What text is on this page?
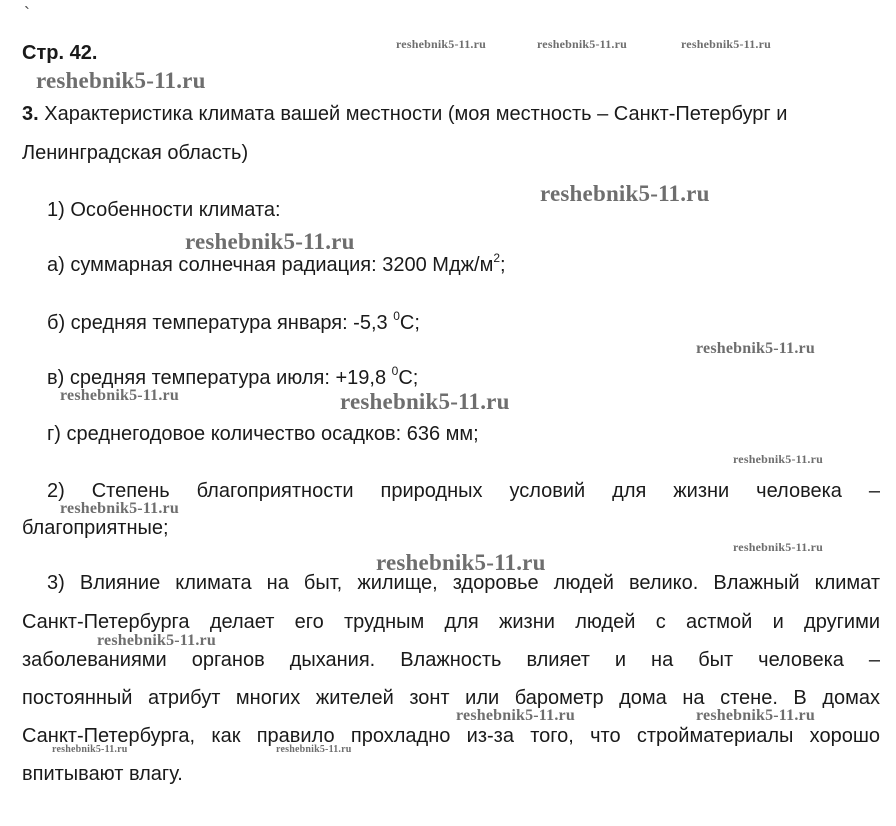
`
Стр. 42.	reshebnik5-11.ru	reshebnik5-11.ru	reshebnik5-11.ru
reshebnik5-11.ru
reshebnik5-11.ru
reshebnik5-11.ru
reshebnik5-11.ru
reshebnik5-11.ru	reshebnik5-11.ru
reshebnik5-11.ru
reshebnik5-11.ru
reshebnik5-11.ru
reshebnik5-11.ru
reshebnik5-11.ru
reshebnik5-11.ru	reshebnik5-11.ru
reshebnik5-11.ru	reshebnik5-11.ru
3. Характеристика климата вашей местности (моя местность – Санкт-Петербург и
Ленинградская область)
1) Особенности климата:
а) суммарная солнечная радиация: 3200 Мдж/$м^2$;
б) средняя температура января: -5,3 $^0$С;
в) средняя температура июля: +19,8 $^0$С;
г) среднегодовое количество осадков: 636 мм;
2) Степень благоприятности природных условий для жизни человека –
благоприятные;
3) Влияние климата на быт, жилище, здоровье людей велико. Влажный климат
Санкт-Петербурга делает его трудным для жизни людей с астмой и другими
заболеваниями органов дыхания. Влажность влияет и на быт человека –
постоянный атрибут многих жителей зонт или барометр дома на стене. В домах
Санкт-Петербурга, как правило прохладно из-за того, что стройматериалы хорошо
впитывают влагу.
